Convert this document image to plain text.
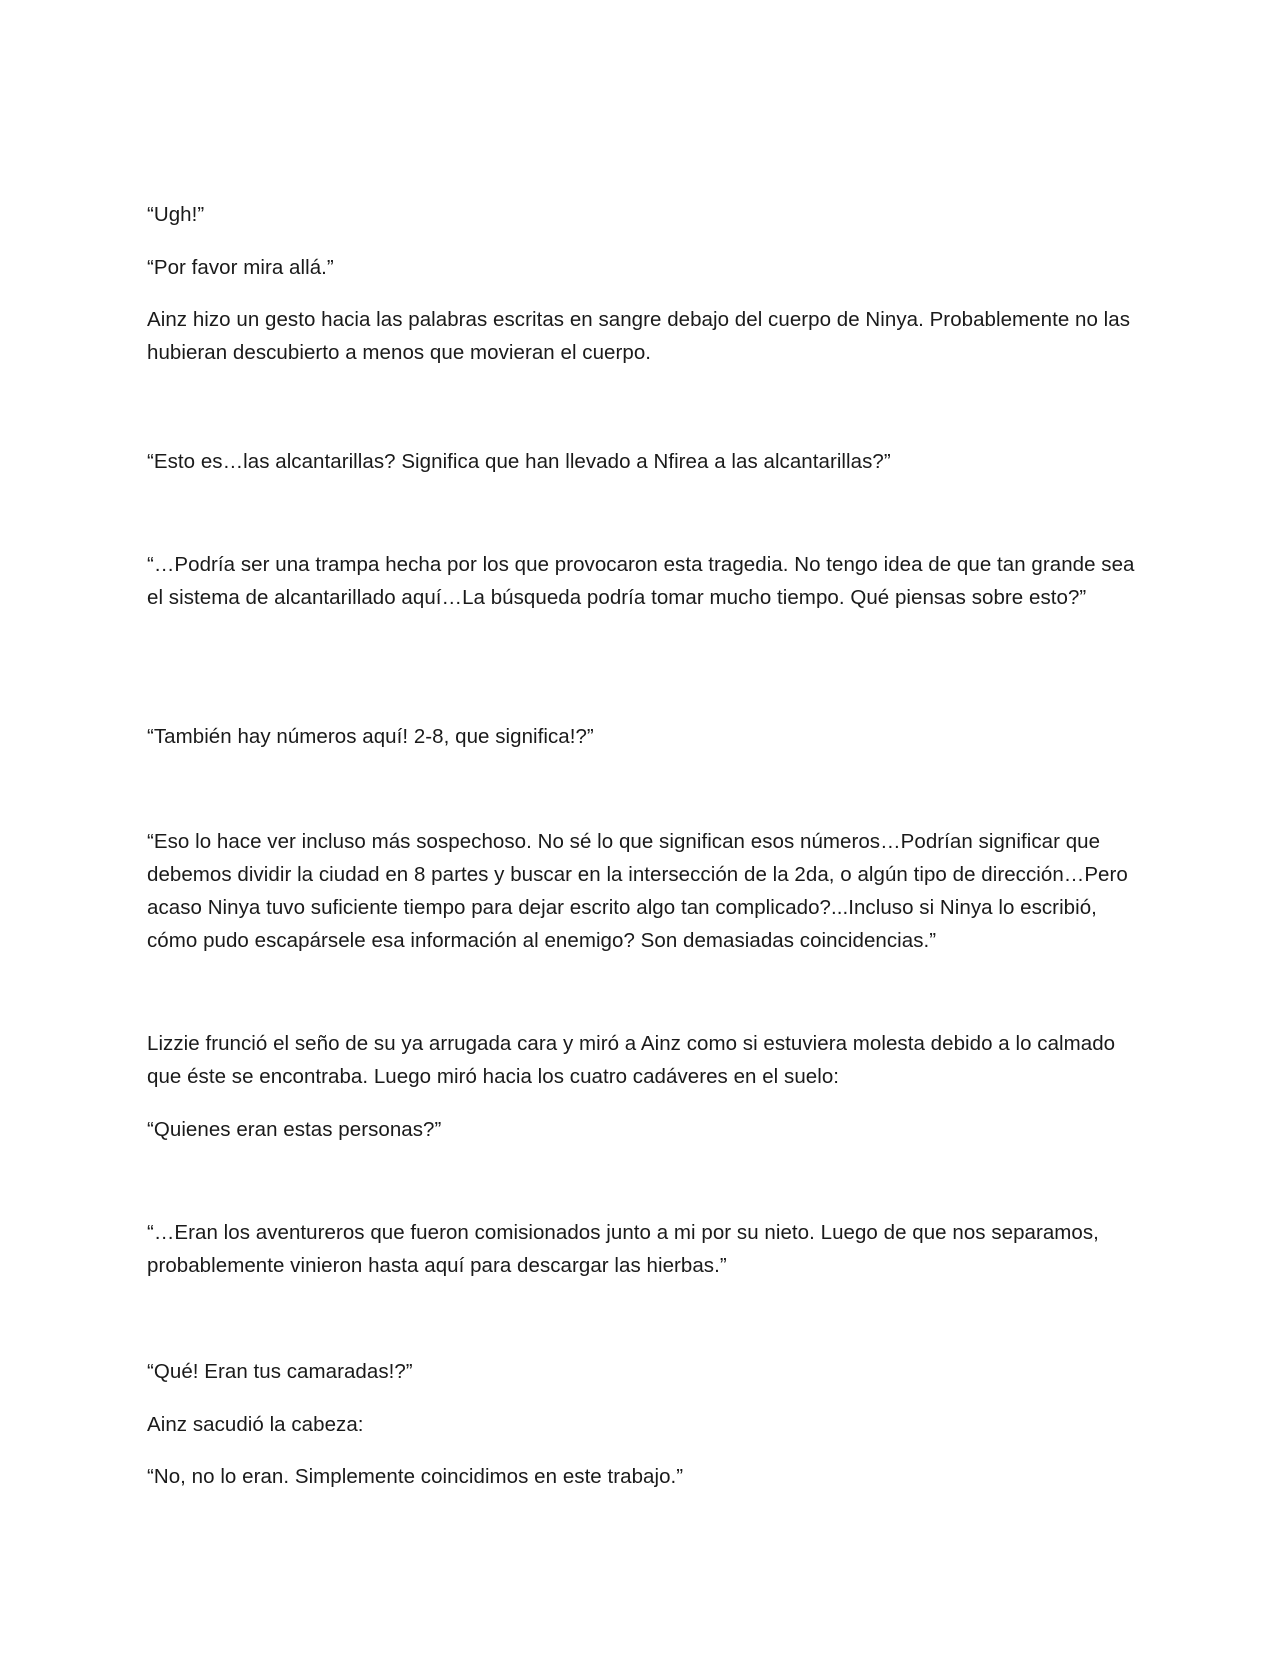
“Ugh!”

“Por favor mira allá.”

Ainz hizo un gesto hacia las palabras escritas en sangre debajo del cuerpo de Ninya. Probablemente no las hubieran descubierto a menos que movieran el cuerpo.

“Esto es…las alcantarillas? Significa que han llevado a Nfirea a las alcantarillas?”

“…Podría ser una trampa hecha por los que provocaron esta tragedia. No tengo idea de que tan grande sea el sistema de alcantarillado aquí…La búsqueda podría tomar mucho tiempo. Qué piensas sobre esto?”

“También hay números aquí! 2-8, que significa!?”

“Eso lo hace ver incluso más sospechoso. No sé lo que significan esos números…Podrían significar que debemos dividir la ciudad en 8 partes y buscar en la intersección de la 2da, o algún tipo de dirección…Pero acaso Ninya tuvo suficiente tiempo para dejar escrito algo tan complicado?...Incluso si Ninya lo escribió, cómo pudo escapársele esa información al enemigo? Son demasiadas coincidencias.”

Lizzie frunció el seño de su ya arrugada cara y miró a Ainz como si estuviera molesta debido a lo calmado que éste se encontraba. Luego miró hacia los cuatro cadáveres en el suelo:

“Quienes eran estas personas?”

“…Eran los aventureros que fueron comisionados junto a mi por su nieto. Luego de que nos separamos, probablemente vinieron hasta aquí para descargar las hierbas.”

“Qué! Eran tus camaradas!?”

Ainz sacudió la cabeza:

“No, no lo eran. Simplemente coincidimos en este trabajo.”
